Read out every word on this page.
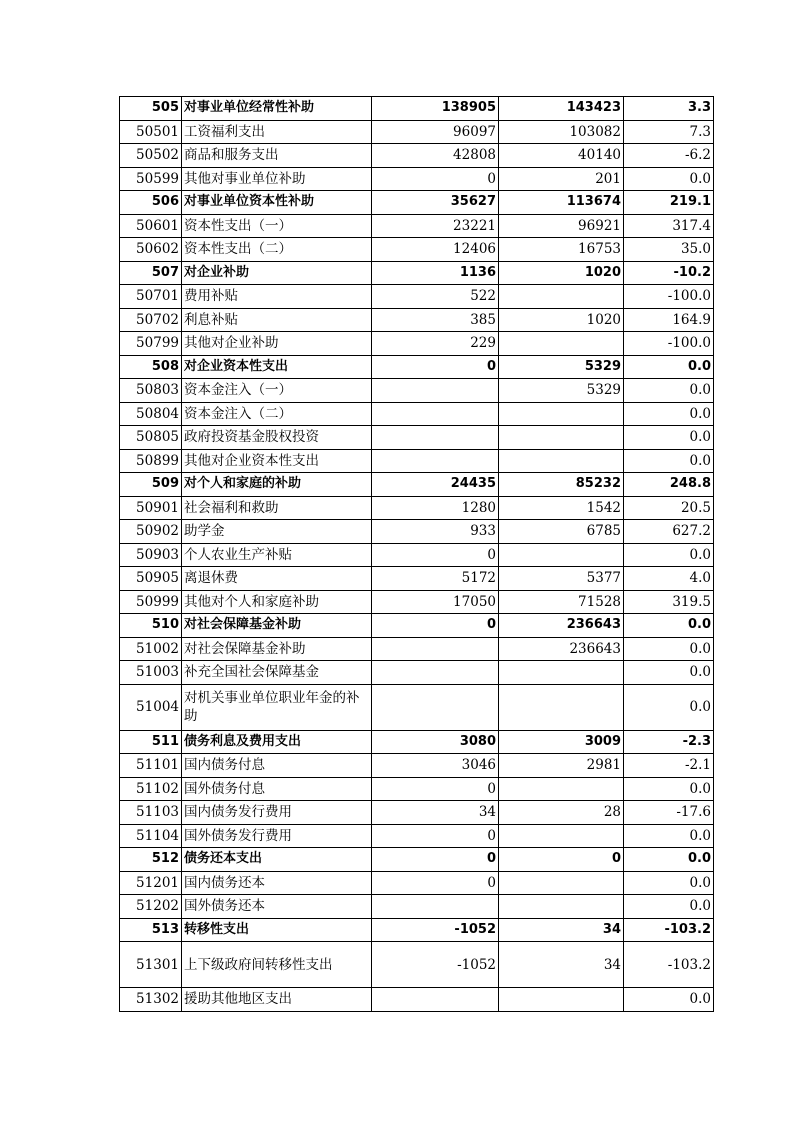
505	对事业单位经常性补助	138905	143423	3.3
50501	工资福利支出	96097	103082	7.3
50502	商品和服务支出	42808	40140	-6.2
50599	其他对事业单位补助	0	201	0.0
506	对事业单位资本性补助	35627	113674	219.1
50601	资本性支出（一）	23221	96921	317.4
50602	资本性支出（二）	12406	16753	35.0
507	对企业补助	1136	1020	-10.2
50701	费用补贴	522		-100.0
50702	利息补贴	385	1020	164.9
50799	其他对企业补助	229		-100.0
508	对企业资本性支出	0	5329	0.0
50803	资本金注入（一）		5329	0.0
50804	资本金注入（二）			0.0
50805	政府投资基金股权投资			0.0
50899	其他对企业资本性支出			0.0
509	对个人和家庭的补助	24435	85232	248.8
50901	社会福利和救助	1280	1542	20.5
50902	助学金	933	6785	627.2
50903	个人农业生产补贴	0		0.0
50905	离退休费	5172	5377	4.0
50999	其他对个人和家庭补助	17050	71528	319.5
510	对社会保障基金补助	0	236643	0.0
51002	对社会保障基金补助		236643	0.0
51003	补充全国社会保障基金			0.0
51004	对机关事业单位职业年金的补助			0.0
511	债务利息及费用支出	3080	3009	-2.3
51101	国内债务付息	3046	2981	-2.1
51102	国外债务付息	0		0.0
51103	国内债务发行费用	34	28	-17.6
51104	国外债务发行费用	0		0.0
512	债务还本支出	0	0	0.0
51201	国内债务还本	0		0.0
51202	国外债务还本			0.0
513	转移性支出	-1052	34	-103.2
51301	上下级政府间转移性支出	-1052	34	-103.2
51302	援助其他地区支出			0.0
